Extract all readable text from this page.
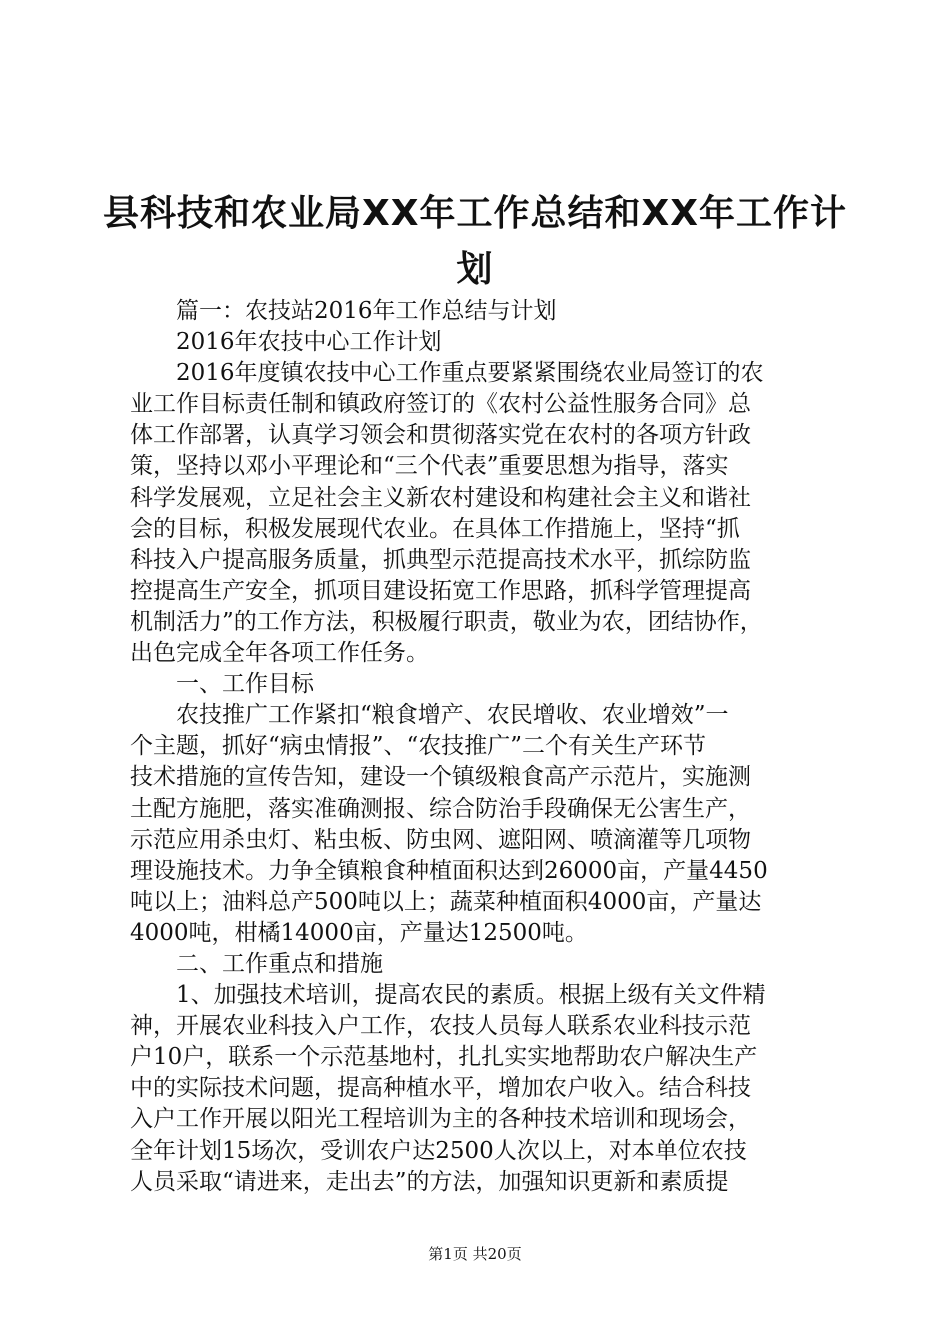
县科技和农业局XX年工作总结和XX年工作计划
篇一：农技站2016年工作总结与计划
2016年农技中心工作计划
2016年度镇农技中心工作重点要紧紧围绕农业局签订的农
业工作目标责任制和镇政府签订的《农村公益性服务合同》总
体工作部署，认真学习领会和贯彻落实党在农村的各项方针政
策，坚持以邓小平理论和“三个代表”重要思想为指导，落实
科学发展观，立足社会主义新农村建设和构建社会主义和谐社
会的目标，积极发展现代农业。在具体工作措施上，坚持“抓
科技入户提高服务质量，抓典型示范提高技术水平，抓综防监
控提高生产安全，抓项目建设拓宽工作思路，抓科学管理提高
机制活力”的工作方法，积极履行职责，敬业为农，团结协作，
出色完成全年各项工作任务。
一、工作目标
农技推广工作紧扣“粮食增产、农民增收、农业增效”一
个主题，抓好“病虫情报”、“农技推广”二个有关生产环节
技术措施的宣传告知，建设一个镇级粮食高产示范片，实施测
土配方施肥，落实准确测报、综合防治手段确保无公害生产，
示范应用杀虫灯、粘虫板、防虫网、遮阳网、喷滴灌等几项物
理设施技术。力争全镇粮食种植面积达到26000亩，产量4450
吨以上；油料总产500吨以上；蔬菜种植面积4000亩，产量达
4000吨，柑橘14000亩，产量达12500吨。
二、工作重点和措施
1、加强技术培训，提高农民的素质。根据上级有关文件精
神，开展农业科技入户工作，农技人员每人联系农业科技示范
户10户，联系一个示范基地村，扎扎实实地帮助农户解决生产
中的实际技术问题，提高种植水平，增加农户收入。结合科技
入户工作开展以阳光工程培训为主的各种技术培训和现场会，
全年计划15场次，受训农户达2500人次以上，对本单位农技
人员采取“请进来，走出去”的方法，加强知识更新和素质提
第1页 共20页
